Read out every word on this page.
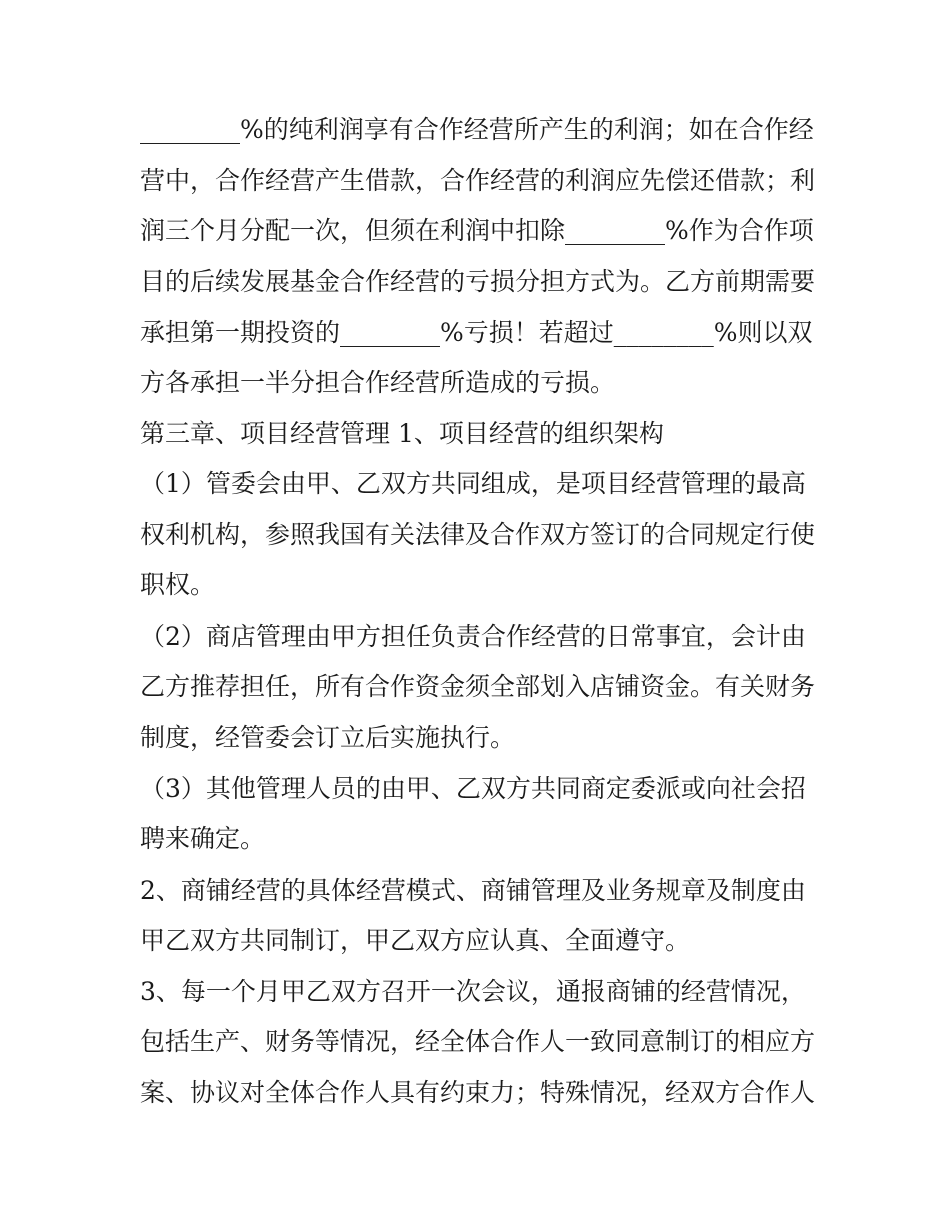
________%的纯利润享有合作经营所产生的利润；如在合作经

营中，合作经营产生借款，合作经营的利润应先偿还借款；利

润三个月分配一次，但须在利润中扣除________%作为合作项

目的后续发展基金合作经营的亏损分担方式为。乙方前期需要

承担第一期投资的________%亏损！若超过________%则以双

方各承担一半分担合作经营所造成的亏损。

第三章、项目经营管理 1、项目经营的组织架构

（1）管委会由甲、乙双方共同组成，是项目经营管理的最高

权利机构，参照我国有关法律及合作双方签订的合同规定行使

职权。

（2）商店管理由甲方担任负责合作经营的日常事宜，会计由

乙方推荐担任，所有合作资金须全部划入店铺资金。有关财务

制度，经管委会订立后实施执行。

（3）其他管理人员的由甲、乙双方共同商定委派或向社会招

聘来确定。

2、商铺经营的具体经营模式、商铺管理及业务规章及制度由

甲乙双方共同制订，甲乙双方应认真、全面遵守。

3、每一个月甲乙双方召开一次会议，通报商铺的经营情况，

包括生产、财务等情况，经全体合作人一致同意制订的相应方

案、协议对全体合作人具有约束力；特殊情况，经双方合作人
